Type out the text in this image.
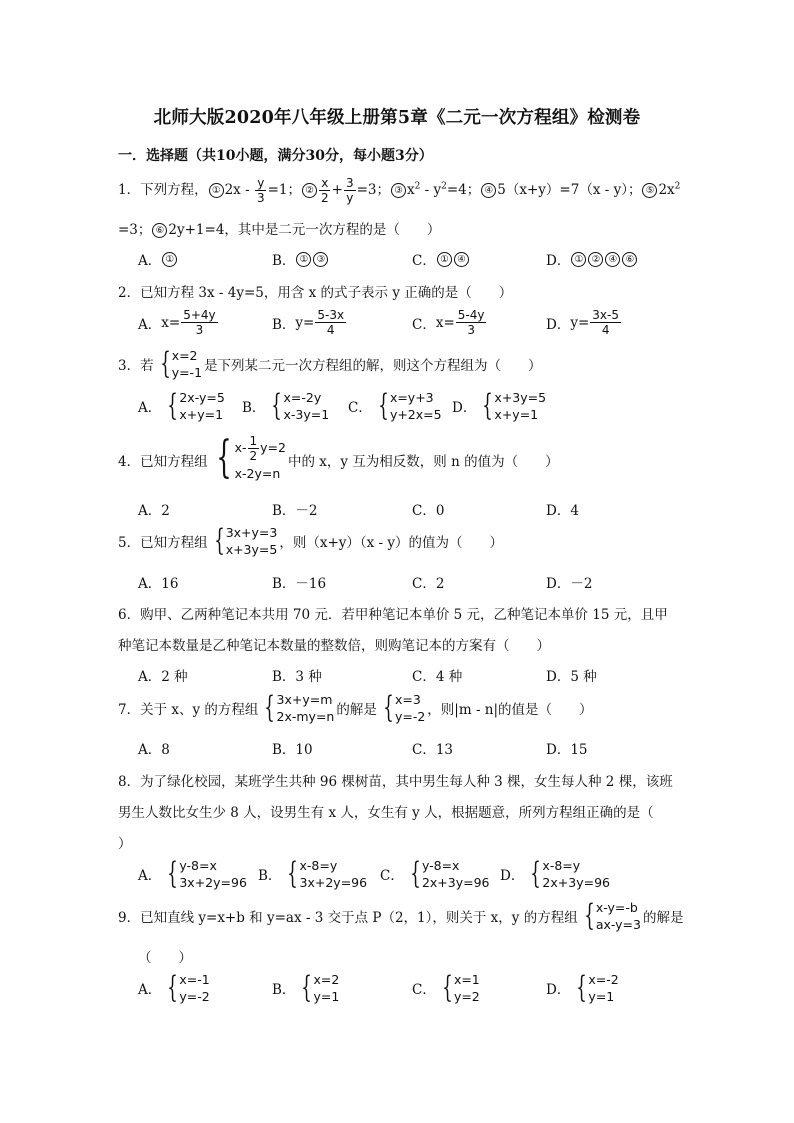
北师大版2020年八年级上册第5章《二元一次方程组》检测卷
一．选择题（共10小题，满分30分，每小题3分）
1．下列方程， ① $2x - \frac{y}{3} =1$； ② $\frac{x}{2} + \frac{3}{y} =3$； ③ $x^2 - y^2=4$； ④ 5（x+y）=7（x - y）； ⑤ $2x^2$
=3； ⑥ 2y+1=4，其中是二元一次方程的是（　　）
A． ①	B． ① ③	C． ① ④	D． ① ② ④ ⑥
2．已知方程 3x - 4y=5，用含 x 的式子表示 y 正确的是（　　）
A． $x= \frac{5+4y}{3}$	B． $y= \frac{5-3x}{4}$	C． $x= \frac{5-4y}{3}$	D． $y= \frac{3x-5}{4}$
3．若 { x=2
y=-1 是下列某二元一次方程组的解，则这个方程组为（　　）
A． { 2x-y=5
x+y=1 B． { x=-2y
x-3y=1 C． { x=y+3
y+2x=5 D． { x+3y=5
x+y=1
4．已知方程组 { $x- \frac{1}{2} y=2$
x-2y=n
中的 x，y 互为相反数，则 n 的值为（　　）
A．2	B．－2	C．0	D．4
5．已知方程组 { 3x+y=3
x+3y=5 ，则（x+y）（x - y）的值为（　　）
A．16	B．－16	C．2	D．－2
6．购甲、乙两种笔记本共用 70 元．若甲种笔记本单价 5 元，乙种笔记本单价 15 元，且甲
种笔记本数量是乙种笔记本数量的整数倍，则购笔记本的方案有（　　）
A．2 种	B．3 种	C．4 种	D．5 种
7．关于 x、y 的方程组 { 3x+y=m
2x-my=n 的解是 { x=3
y=-2 ，则|m - n|的值是（　　）
A．8	B．10	C．13	D．15
8．为了绿化校园，某班学生共种 96 棵树苗，其中男生每人种 3 棵，女生每人种 2 棵，该班
男生人数比女生少 8 人，设男生有 x 人，女生有 y 人，根据题意，所列方程组正确的是（
）
A． { y-8=x
3x+2y=96 B． { x-8=y
3x+2y=96 C． { y-8=x
2x+3y=96 D． { x-8=y
2x+3y=96
9．已知直线 y=x+b 和 y=ax - 3 交于点 P（2，1），则关于 x，y 的方程组 { x-y=-b
ax-y=3 的解是
（　　）
A． { x=-1
y=-2	B． { x=2
y=1	C． { x=1
y=2	D． { x=-2
y=1
